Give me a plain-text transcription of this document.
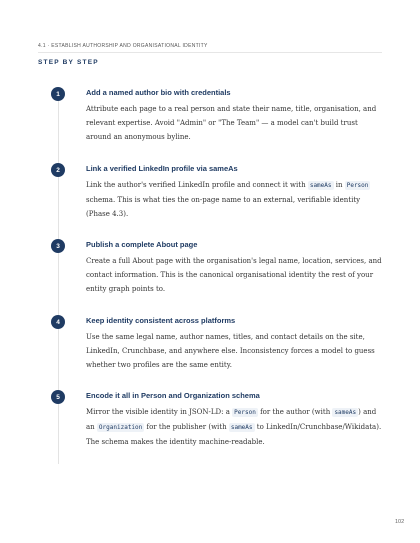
4.1 · ESTABLISH AUTHORSHIP AND ORGANISATIONAL IDENTITY
STEP BY STEP
1	Add a named author bio with credentials
Attribute each page to a real person and state their name, title, organisation, and relevant expertise. Avoid "Admin" or "The Team" — a model can't build trust around an anonymous byline.
2	Link a verified LinkedIn profile via sameAs
Link the author's verified LinkedIn profile and connect it with sameAs in Person schema. This is what ties the on-page name to an external, verifiable identity (Phase 4.3).
3	Publish a complete About page
Create a full About page with the organisation's legal name, location, services, and contact information. This is the canonical organisational identity the rest of your entity graph points to.
4	Keep identity consistent across platforms
Use the same legal name, author names, titles, and contact details on the site, LinkedIn, Crunchbase, and anywhere else. Inconsistency forces a model to guess whether two profiles are the same entity.
5	Encode it all in Person and Organization schema
Mirror the visible identity in JSON-LD: a Person for the author (with sameAs ) and an Organization for the publisher (with sameAs to LinkedIn/Crunchbase/Wikidata). The schema makes the identity machine-readable.
102
